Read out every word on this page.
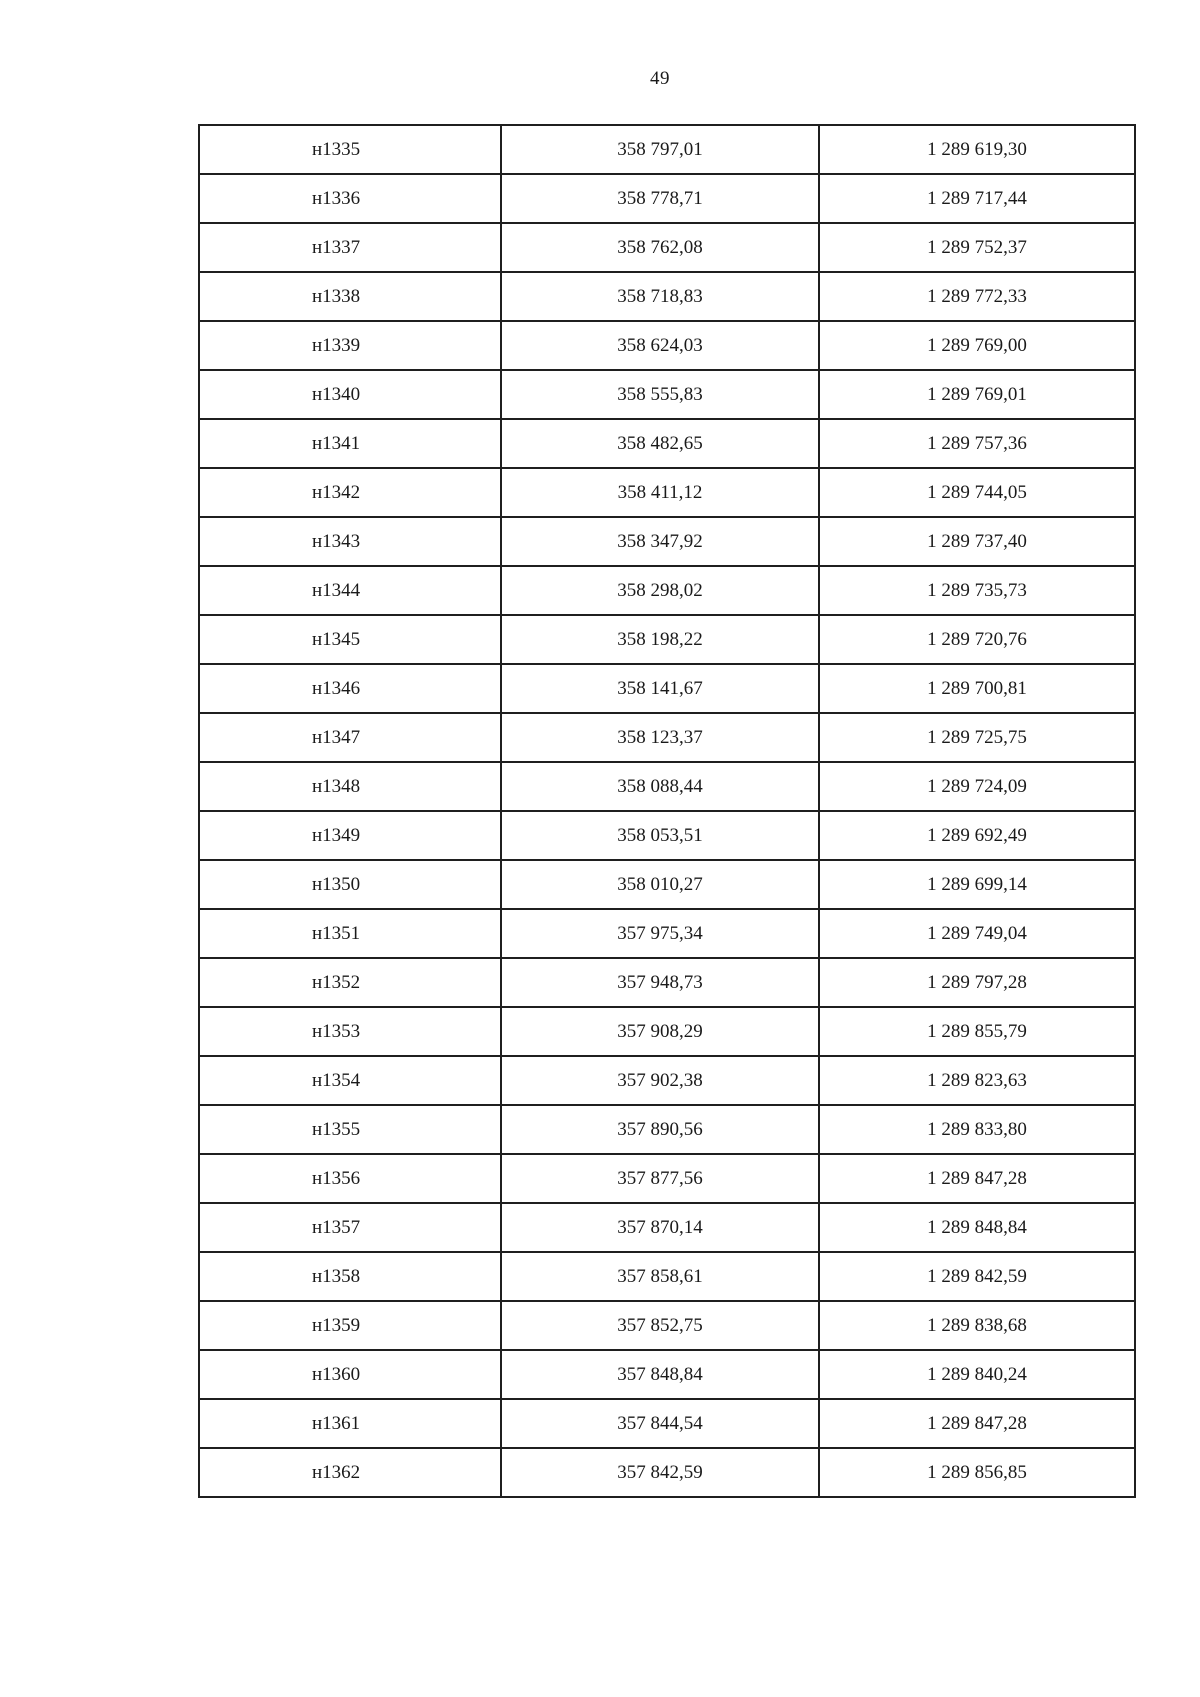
49
н1335	358 797,01	1 289 619,30
н1336	358 778,71	1 289 717,44
н1337	358 762,08	1 289 752,37
н1338	358 718,83	1 289 772,33
н1339	358 624,03	1 289 769,00
н1340	358 555,83	1 289 769,01
н1341	358 482,65	1 289 757,36
н1342	358 411,12	1 289 744,05
н1343	358 347,92	1 289 737,40
н1344	358 298,02	1 289 735,73
н1345	358 198,22	1 289 720,76
н1346	358 141,67	1 289 700,81
н1347	358 123,37	1 289 725,75
н1348	358 088,44	1 289 724,09
н1349	358 053,51	1 289 692,49
н1350	358 010,27	1 289 699,14
н1351	357 975,34	1 289 749,04
н1352	357 948,73	1 289 797,28
н1353	357 908,29	1 289 855,79
н1354	357 902,38	1 289 823,63
н1355	357 890,56	1 289 833,80
н1356	357 877,56	1 289 847,28
н1357	357 870,14	1 289 848,84
н1358	357 858,61	1 289 842,59
н1359	357 852,75	1 289 838,68
н1360	357 848,84	1 289 840,24
н1361	357 844,54	1 289 847,28
н1362	357 842,59	1 289 856,85
